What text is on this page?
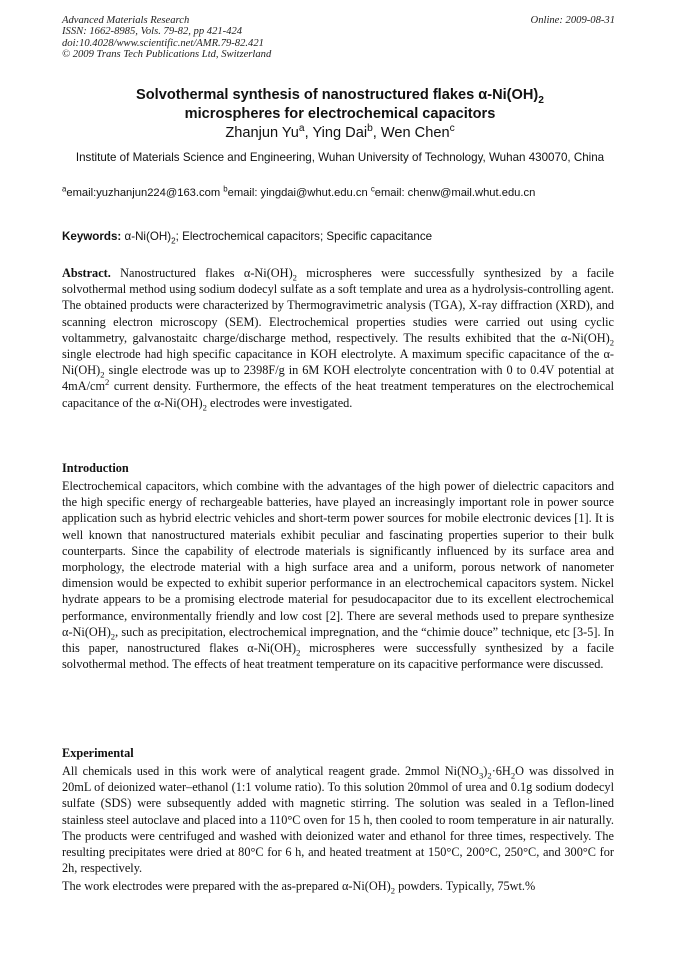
Advanced Materials Research
ISSN: 1662-8985, Vols. 79-82, pp 421-424
doi:10.4028/www.scientific.net/AMR.79-82.421
© 2009 Trans Tech Publications Ltd, Switzerland
Online: 2009-08-31
Solvothermal synthesis of nanostructured flakes $\alpha-Ni(OH)_2$
microspheres for electrochemical capacitors
Zhanjun Yu$^a$, Ying Dai$^b$, Wen Chen$^c$
Institute of Materials Science and Engineering, Wuhan University of Technology, Wuhan 430070, China
$^a$email:yuzhanjun224@163.com $^b$email: yingdai@whut.edu.cn $^c$email: chenw@mail.whut.edu.cn
Keywords: $\alpha-Ni(OH)_2$; Electrochemical capacitors; Specific capacitance
Abstract. Nanostructured flakes $\alpha-Ni(OH)_2$ microspheres were successfully synthesized by a facile solvothermal method using sodium dodecyl sulfate as a soft template and urea as a hydrolysis-controlling agent. The obtained products were characterized by Thermogravimetric analysis (TGA), X-ray diffraction (XRD), and scanning electron microscopy (SEM). Electrochemical properties studies were carried out using cyclic voltammetry, galvanostaitc charge/discharge method, respectively. The results exhibited that the $\alpha-Ni(OH)_2$ single electrode had high specific capacitance in KOH electrolyte. A maximum specific capacitance of the $\alpha-Ni(OH)_2$ single electrode was up to 2398F/g in 6M KOH electrolyte concentration with 0 to 0.4V potential at $4mA/cm^2$ current density. Furthermore, the effects of the heat treatment temperatures on the electrochemical capacitance of the $\alpha-Ni(OH)_2$ electrodes were investigated.
Introduction
Electrochemical capacitors, which combine with the advantages of the high power of dielectric capacitors and the high specific energy of rechargeable batteries, have played an increasingly important role in power source application such as hybrid electric vehicles and short-term power sources for mobile electronic devices [1]. It is well known that nanostructured materials exhibit peculiar and fascinating properties superior to their bulk counterparts. Since the capability of electrode materials is significantly influenced by its surface area and morphology, the electrode material with a high surface area and a uniform, porous network of nanometer dimension would be expected to exhibit superior performance in an electrochemical capacitors system. Nickel hydrate appears to be a promising electrode material for pesudocapacitor due to its excellent electrochemical performance, environmentally friendly and low cost [2]. There are several methods used to prepare synthesize $\alpha-Ni(OH)_2$, such as precipitation, electrochemical impregnation, and the “chimie douce” technique, etc [3-5]. In this paper, nanostructured flakes $\alpha-Ni(OH)_2$ microspheres were successfully synthesized by a facile solvothermal method. The effects of heat treatment temperature on its capacitive performance were discussed.
Experimental
All chemicals used in this work were of analytical reagent grade. 2mmol $Ni(NO_3)_2\cdot 6H_2O$ was dissolved in 20mL of deionized water–ethanol (1:1 volume ratio). To this solution 20mmol of urea and 0.1g sodium dodecyl sulfate (SDS) were subsequently added with magnetic stirring. The solution was sealed in a Teflon-lined stainless steel autoclave and placed into a 110°C oven for 15 h, then cooled to room temperature in air naturally. The products were centrifuged and washed with deionized water and ethanol for three times, respectively. The resulting precipitates were dried at 80°C for 6 h, and heated treatment at 150°C, 200°C, 250°C, and 300°C for 2h, respectively.
The work electrodes were prepared with the as-prepared $\alpha-Ni(OH)_2$ powders. Typically, 75wt.%
